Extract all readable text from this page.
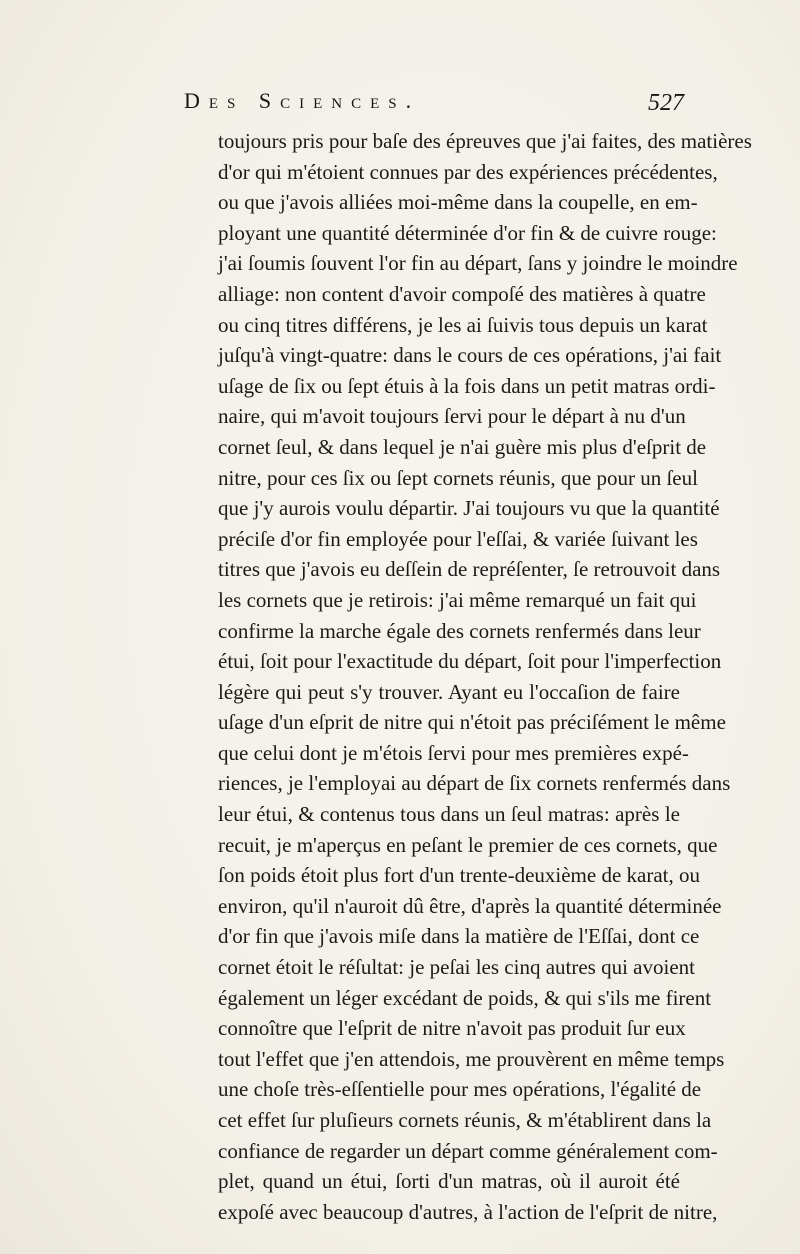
Des Sciences.	527
toujours pris pour baſe des épreuves que j'ai faites, des matières
d'or qui m'étoient connues par des expériences précédentes,
ou que j'avois alliées moi-même dans la coupelle, en em-
ployant une quantité déterminée d'or fin & de cuivre rouge:
j'ai ſoumis ſouvent l'or fin au départ, ſans y joindre le moindre
alliage: non content d'avoir compoſé des matières à quatre
ou cinq titres différens, je les ai ſuivis tous depuis un karat
juſqu'à vingt-quatre: dans le cours de ces opérations, j'ai fait
uſage de ſix ou ſept étuis à la fois dans un petit matras ordi-
naire, qui m'avoit toujours ſervi pour le départ à nu d'un
cornet ſeul, & dans lequel je n'ai guère mis plus d'eſprit de
nitre, pour ces ſix ou ſept cornets réunis, que pour un ſeul
que j'y aurois voulu départir. J'ai toujours vu que la quantité
préciſe d'or fin employée pour l'eſſai, & variée ſuivant les
titres que j'avois eu deſſein de repréſenter, ſe retrouvoit dans
les cornets que je retirois: j'ai même remarqué un fait qui
confirme la marche égale des cornets renfermés dans leur
étui, ſoit pour l'exactitude du départ, ſoit pour l'imperfection
légère qui peut s'y trouver. Ayant eu l'occaſion de faire
uſage d'un eſprit de nitre qui n'étoit pas préciſément le même
que celui dont je m'étois ſervi pour mes premières expé-
riences, je l'employai au départ de ſix cornets renfermés dans
leur étui, & contenus tous dans un ſeul matras: après le
recuit, je m'aperçus en peſant le premier de ces cornets, que
ſon poids étoit plus fort d'un trente-deuxième de karat, ou
environ, qu'il n'auroit dû être, d'après la quantité déterminée
d'or fin que j'avois miſe dans la matière de l'Eſſai, dont ce
cornet étoit le réſultat: je peſai les cinq autres qui avoient
également un léger excédant de poids, & qui s'ils me firent
connoître que l'eſprit de nitre n'avoit pas produit ſur eux
tout l'effet que j'en attendois, me prouvèrent en même temps
une choſe très-eſſentielle pour mes opérations, l'égalité de
cet effet ſur pluſieurs cornets réunis, & m'établirent dans la
confiance de regarder un départ comme généralement com-
plet, quand un étui, ſorti d'un matras, où il auroit été
expoſé avec beaucoup d'autres, à l'action de l'eſprit de nitre,
